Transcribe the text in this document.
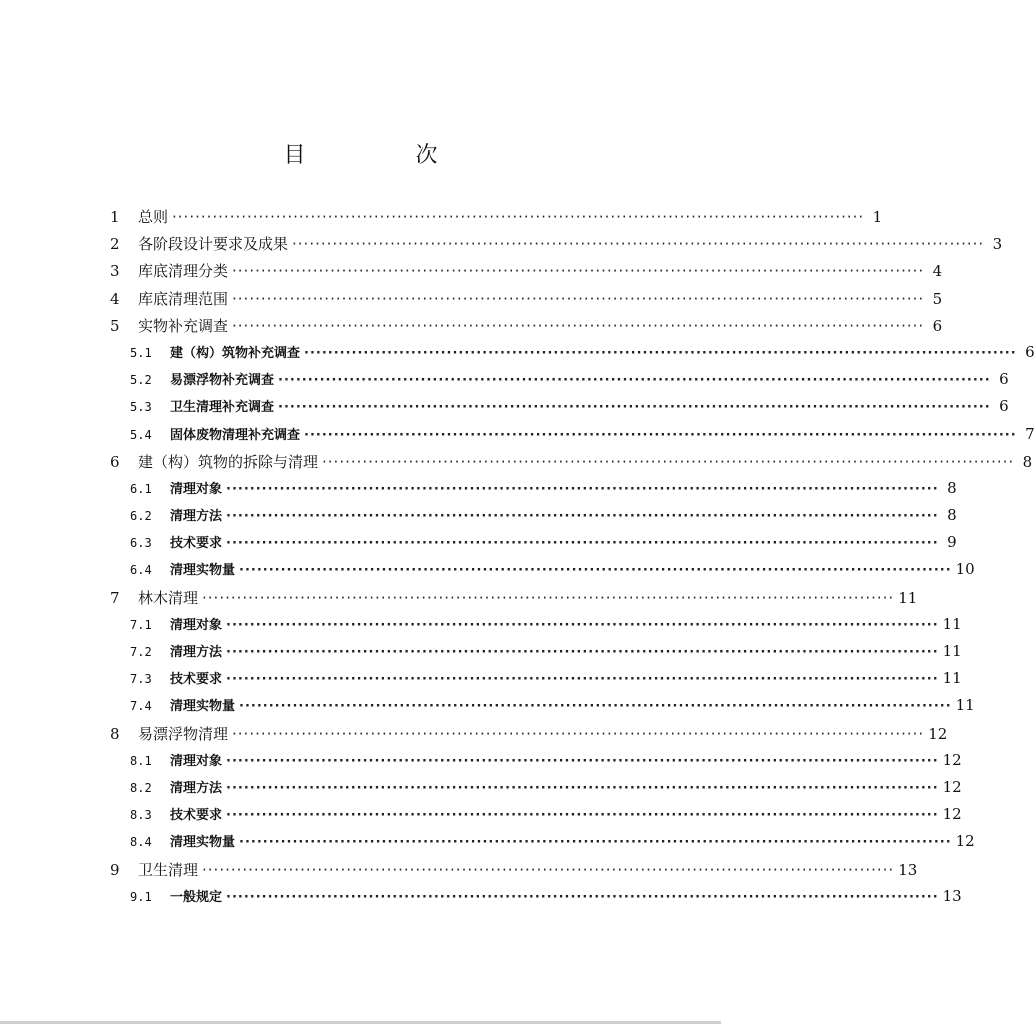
目　次
1	总则 ························································································································ 1
2	各阶段设计要求及成果 ························································································································ 3
3	库底清理分类 ························································································································ 4
4	库底清理范围 ························································································································ 5
5	实物补充调查 ························································································································ 6
5.1	建（构）筑物补充调查 ························································································································ 6
5.2	易漂浮物补充调查 ························································································································ 6
5.3	卫生清理补充调查 ························································································································ 6
5.4	固体废物清理补充调查 ························································································································ 7
6	建（构）筑物的拆除与清理 ························································································································ 8
6.1	清理对象 ························································································································ 8
6.2	清理方法 ························································································································ 8
6.3	技术要求 ························································································································ 9
6.4	清理实物量 ························································································································ 10
7	林木清理 ························································································································ 11
7.1	清理对象 ························································································································ 11
7.2	清理方法 ························································································································ 11
7.3	技术要求 ························································································································ 11
7.4	清理实物量 ························································································································ 11
8	易漂浮物清理 ························································································································ 12
8.1	清理对象 ························································································································ 12
8.2	清理方法 ························································································································ 12
8.3	技术要求 ························································································································ 12
8.4	清理实物量 ························································································································ 12
9	卫生清理 ························································································································ 13
9.1	一般规定 ························································································································ 13
